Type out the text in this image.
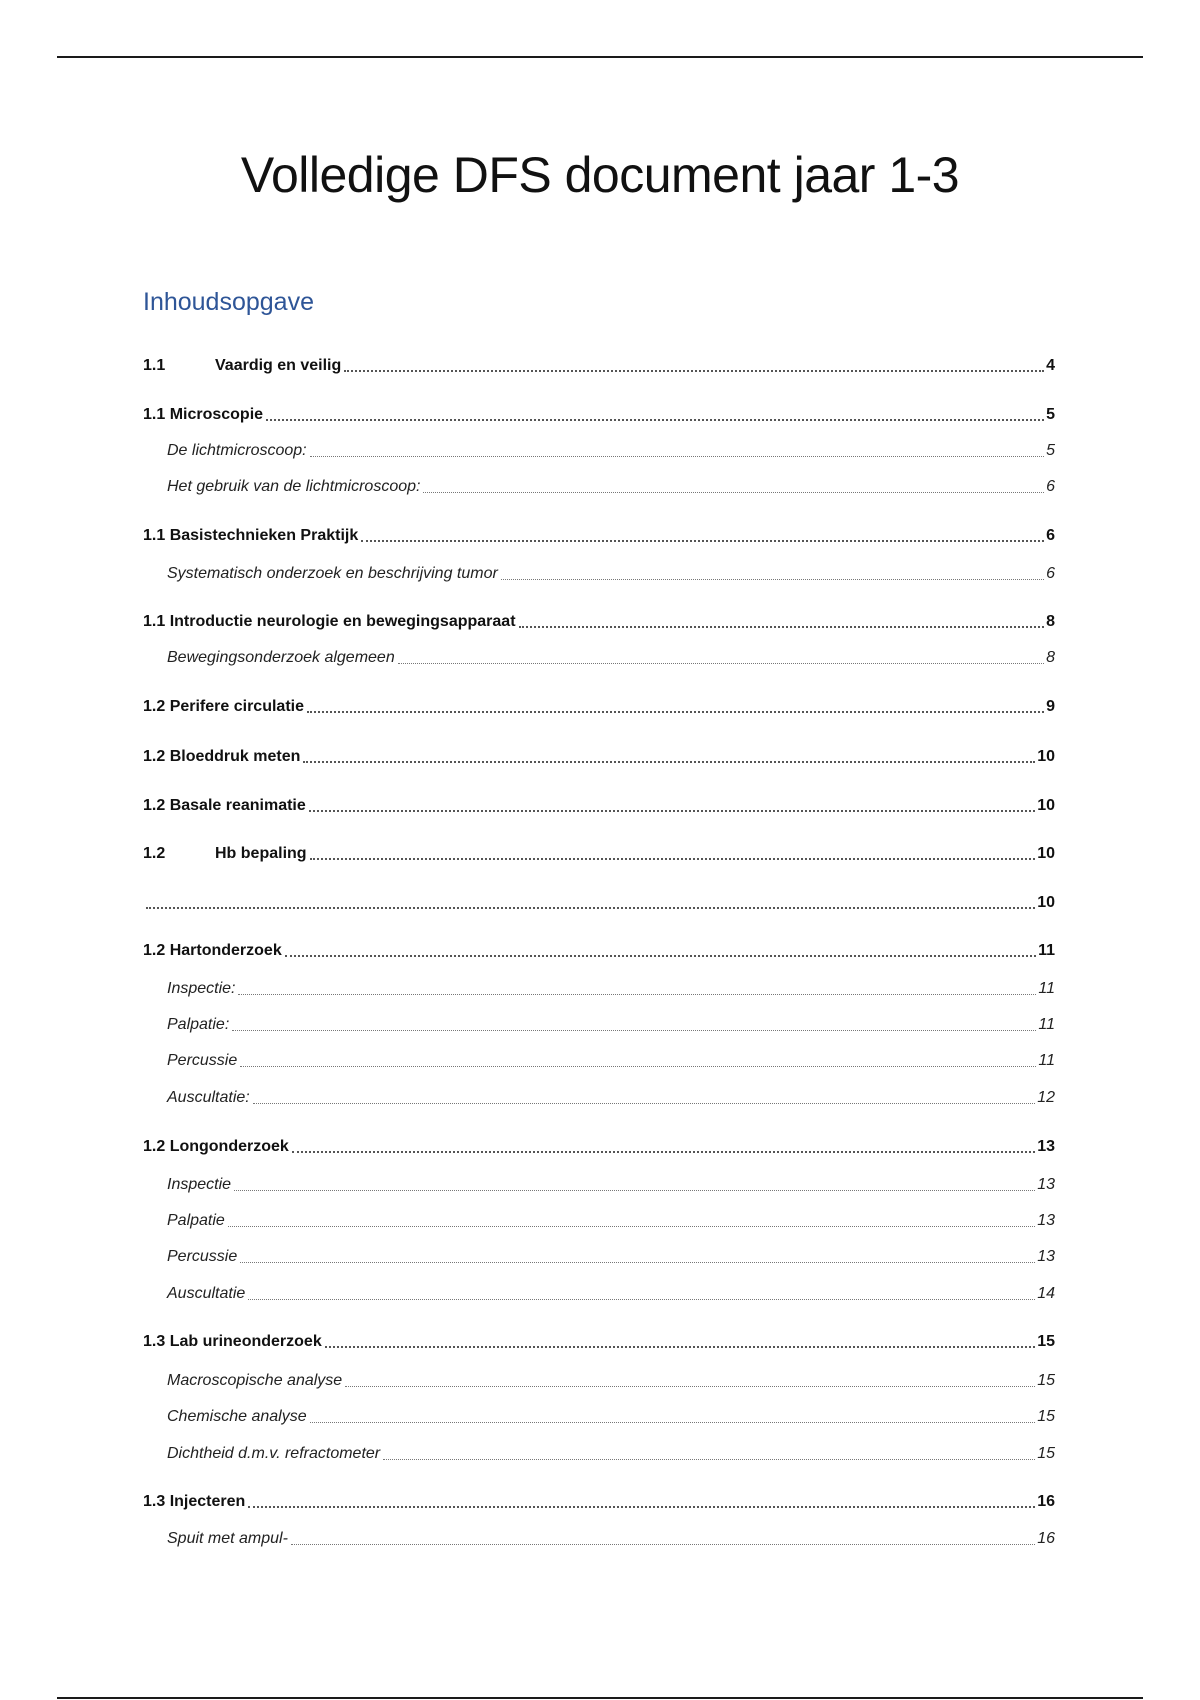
Volledige DFS document jaar 1-3
Inhoudsopgave
1.1	Vaardig en veilig	4
1.1 Microscopie	5
De lichtmicroscoop:	5
Het gebruik van de lichtmicroscoop:	6
1.1 Basistechnieken Praktijk	6
Systematisch onderzoek en beschrijving tumor	6
1.1 Introductie neurologie en bewegingsapparaat	8
Bewegingsonderzoek algemeen	8
1.2 Perifere circulatie	9
1.2 Bloeddruk meten	10
1.2 Basale reanimatie	10
1.2	Hb bepaling	10
10
1.2 Hartonderzoek	11
Inspectie:	11
Palpatie:	11
Percussie	11
Auscultatie:	12
1.2 Longonderzoek	13
Inspectie	13
Palpatie	13
Percussie	13
Auscultatie	14
1.3 Lab urineonderzoek	15
Macroscopische analyse	15
Chemische analyse	15
Dichtheid d.m.v. refractometer	15
1.3 Injecteren	16
Spuit met ampul-	16
